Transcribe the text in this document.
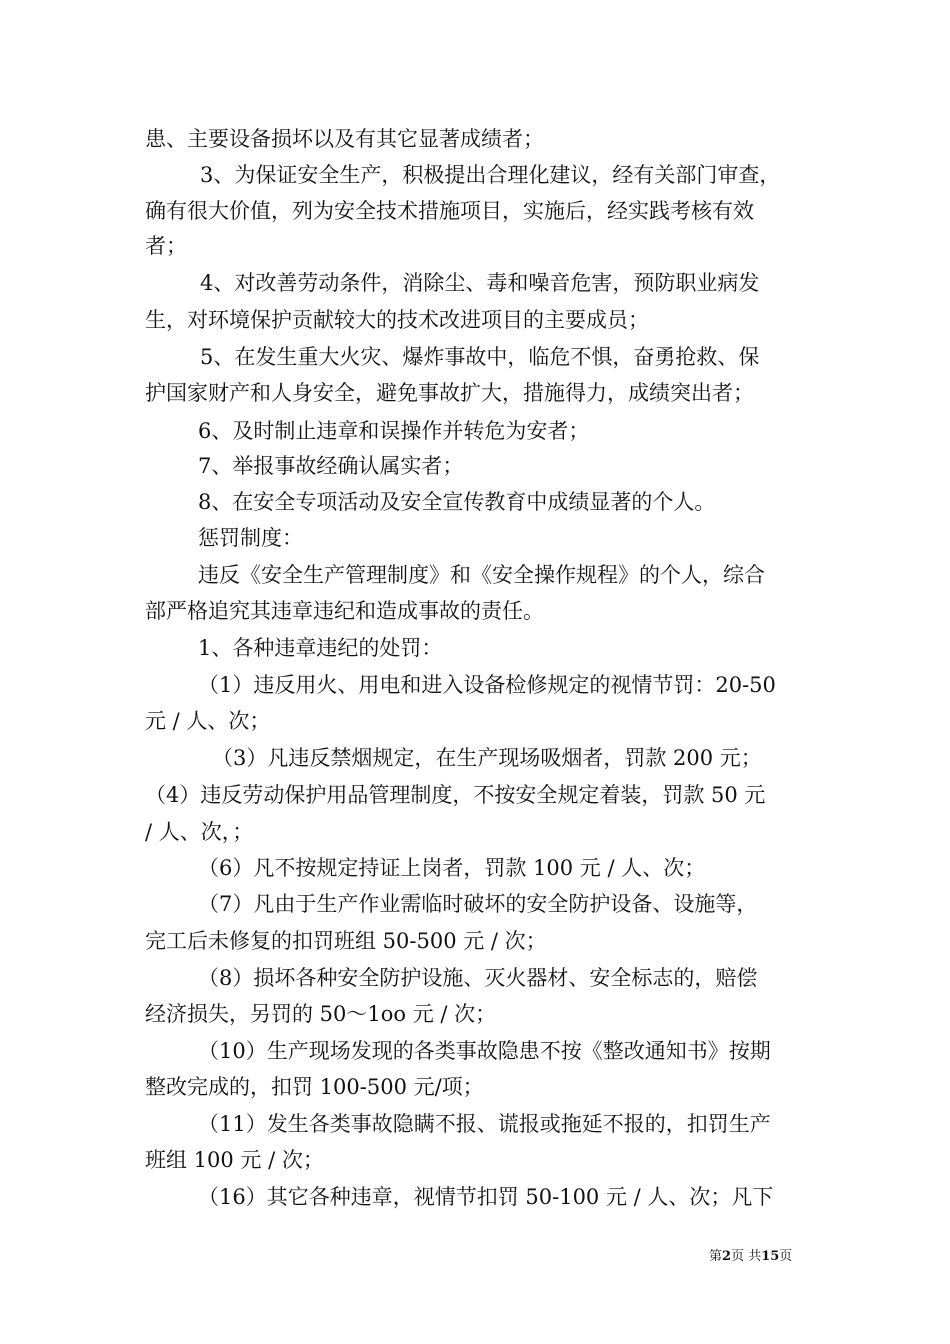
患、主要设备损坏以及有其它显著成绩者；
3、为保证安全生产，积极提出合理化建议，经有关部门审查，
确有很大价值，列为安全技术措施项目，实施后，经实践考核有效
者；
4、对改善劳动条件，消除尘、毒和噪音危害，预防职业病发
生，对环境保护贡献较大的技术改进项目的主要成员；
5、在发生重大火灾、爆炸事故中，临危不惧，奋勇抢救、保
护国家财产和人身安全，避免事故扩大，措施得力，成绩突出者；
6、及时制止违章和误操作并转危为安者；
7、举报事故经确认属实者；
8、在安全专项活动及安全宣传教育中成绩显著的个人。
惩罚制度：
违反《安全生产管理制度》和《安全操作规程》的个人，综合
部严格追究其违章违纪和造成事故的责任。
1、各种违章违纪的处罚：
（1）违反用火、用电和进入设备检修规定的视情节罚：20-50
元 / 人、次；
（3）凡违反禁烟规定，在生产现场吸烟者，罚款 200 元；
（4）违反劳动保护用品管理制度，不按安全规定着装，罚款 50 元
/ 人、次，；
（6）凡不按规定持证上岗者，罚款 100 元 / 人、次；
（7）凡由于生产作业需临时破坏的安全防护设备、设施等，
完工后未修复的扣罚班组 50-500 元 / 次；
（8）损坏各种安全防护设施、灭火器材、安全标志的，赔偿
经济损失，另罚的 50～1oo 元 / 次；
（10）生产现场发现的各类事故隐患不按《整改通知书》按期
整改完成的，扣罚 100-500 元/项；
（11）发生各类事故隐瞒不报、谎报或拖延不报的，扣罚生产
班组 100 元 / 次；
（16）其它各种违章，视情节扣罚 50-100 元 / 人、次；凡下
第2页 共15页
